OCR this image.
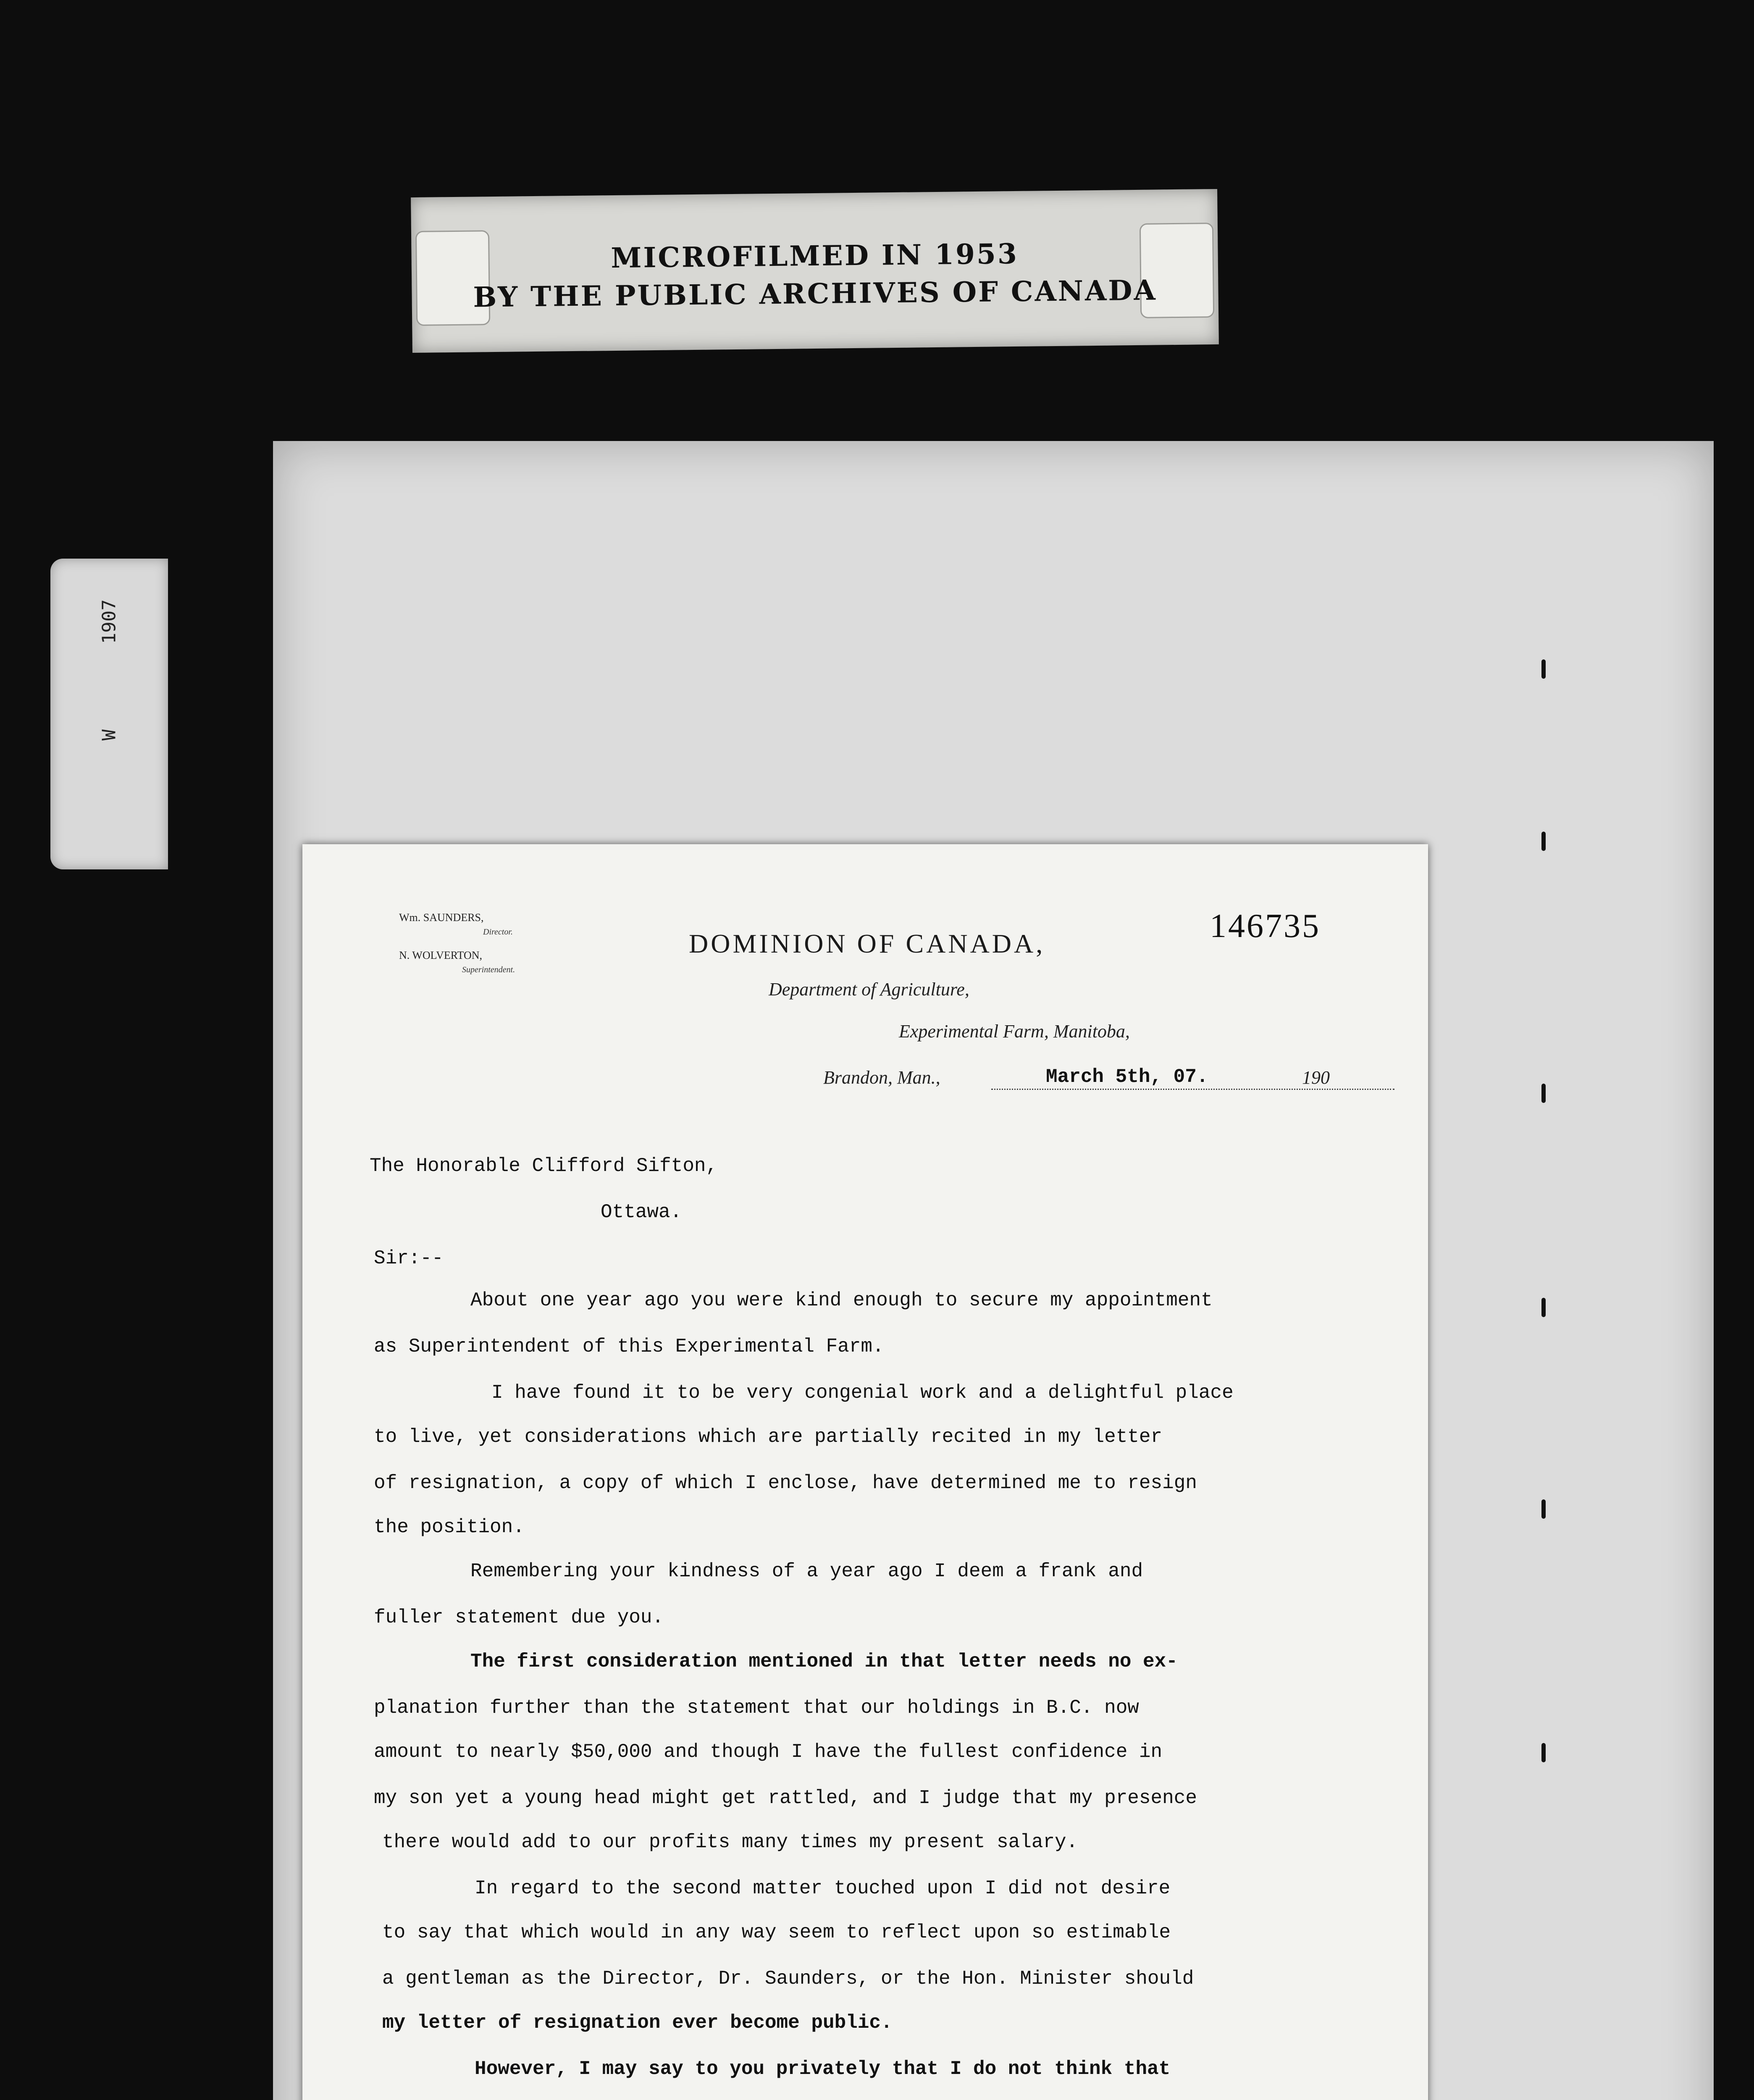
MICROFILMED IN 1953
BY THE PUBLIC ARCHIVES OF CANADA
1907
W
Wm. SAUNDERS,
Director.
N. WOLVERTON,
Superintendent.
DOMINION OF CANADA,	146735
Department of Agriculture,
Experimental Farm, Manitoba,
Brandon, Man.,	March 5th, 07.	190
The Honorable Clifford Sifton,
Ottawa.
Sir:--
About one year ago you were kind enough to secure my appointment
as Superintendent of this Experimental Farm.
I have found it to be very congenial work and a delightful place
to live, yet considerations which are partially recited in my letter
of resignation, a copy of which I enclose, have determined me to resign
the position.
Remembering your kindness of a year ago I deem a frank and
fuller statement due you.
The first consideration mentioned in that letter needs no ex-
planation further than the statement that our holdings in B.C. now
amount to nearly $50,000 and though I have the fullest confidence in
my son yet a young head might get rattled, and I judge that my presence
there would add to our profits many times my present salary.
In regard to the second matter touched upon I did not desire
to say that which would in any way seem to reflect upon so estimable
a gentleman as the Director, Dr. Saunders, or the Hon. Minister should
my letter of resignation ever become public.
However, I may say to you privately that I do not think that
